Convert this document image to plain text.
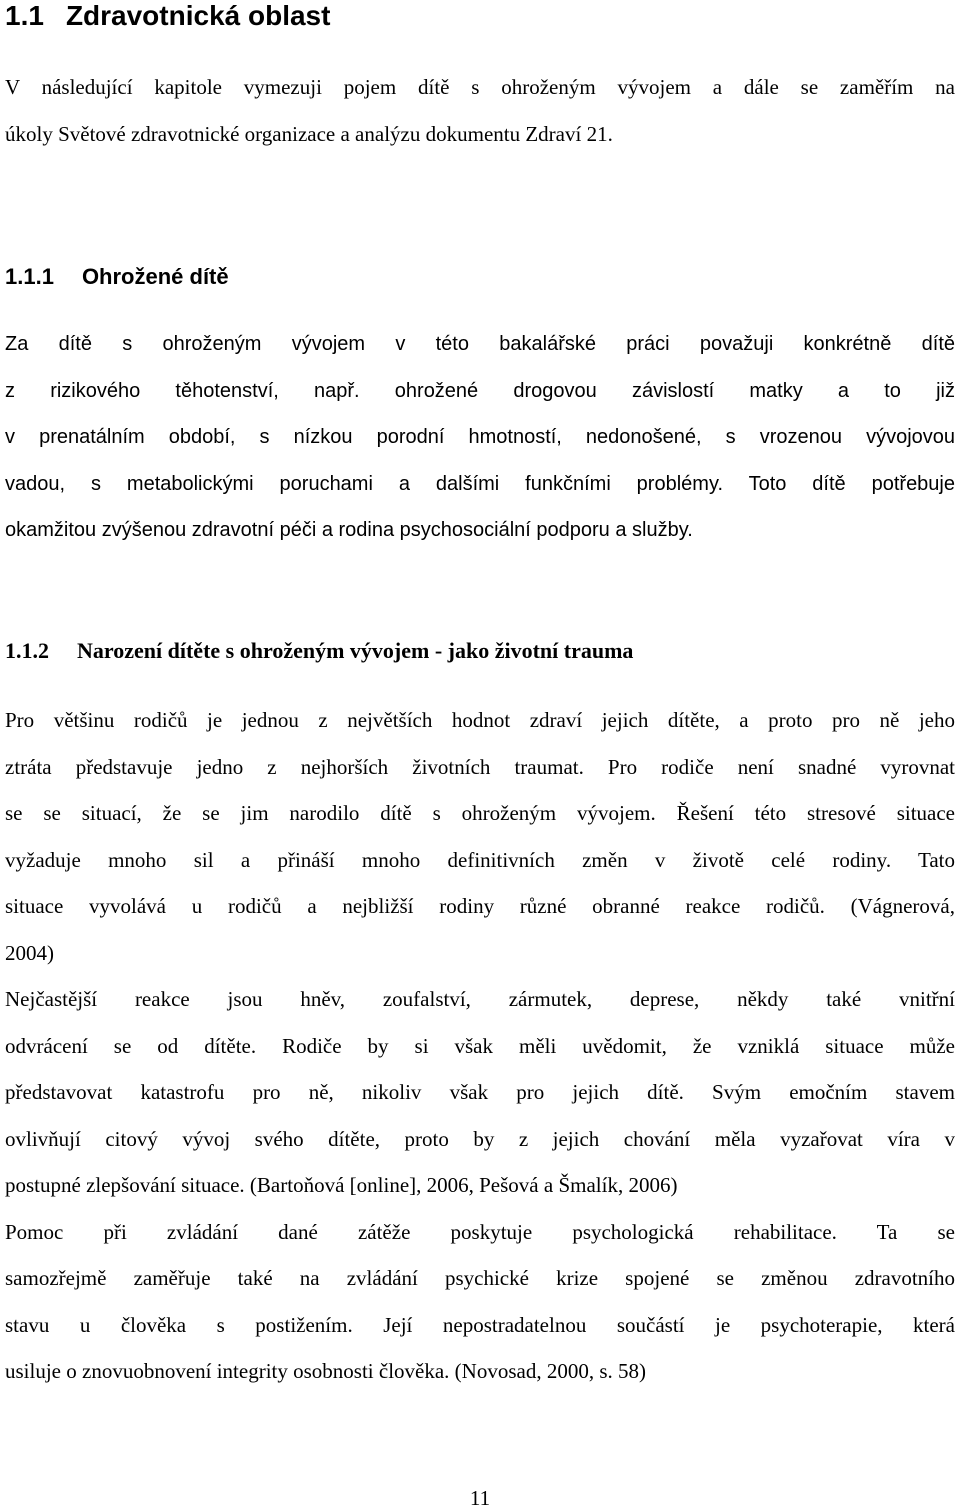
1.1 Zdravotnická oblast
V následující kapitole vymezuji pojem dítě s ohroženým vývojem a dále se zaměřím na
úkoly Světové zdravotnické organizace a analýzu dokumentu Zdraví 21.
1.1.1 Ohrožené dítě
Za dítě s ohroženým vývojem v této bakalářské práci považuji konkrétně dítě
z rizikového těhotenství, např. ohrožené drogovou závislostí matky a to již
v prenatálním období, s nízkou porodní hmotností, nedonošené, s vrozenou vývojovou
vadou, s metabolickými poruchami a dalšími funkčními problémy. Toto dítě potřebuje
okamžitou zvýšenou zdravotní péči a rodina psychosociální podporu a služby.
1.1.2 Narození dítěte s ohroženým vývojem - jako životní trauma
Pro většinu rodičů je jednou z největších hodnot zdraví jejich dítěte, a proto pro ně jeho
ztráta představuje jedno z nejhorších životních traumat. Pro rodiče není snadné vyrovnat
se se situací, že se jim narodilo dítě s ohroženým vývojem. Řešení této stresové situace
vyžaduje mnoho sil a přináší mnoho definitivních změn v životě celé rodiny. Tato
situace vyvolává u rodičů a nejbližší rodiny různé obranné reakce rodičů. (Vágnerová,
2004)
Nejčastější reakce jsou hněv, zoufalství, zármutek, deprese, někdy také vnitřní
odvrácení se od dítěte. Rodiče by si však měli uvědomit, že vzniklá situace může
představovat katastrofu pro ně, nikoliv však pro jejich dítě. Svým emočním stavem
ovlivňují citový vývoj svého dítěte, proto by z jejich chování měla vyzařovat víra v
postupné zlepšování situace. (Bartoňová [online], 2006, Pešová a Šmalík, 2006)
Pomoc při zvládání dané zátěže poskytuje psychologická rehabilitace. Ta se
samozřejmě zaměřuje také na zvládání psychické krize spojené se změnou zdravotního
stavu u člověka s postižením. Její nepostradatelnou součástí je psychoterapie, která
usiluje o znovuobnovení integrity osobnosti člověka. (Novosad, 2000, s. 58)
11
